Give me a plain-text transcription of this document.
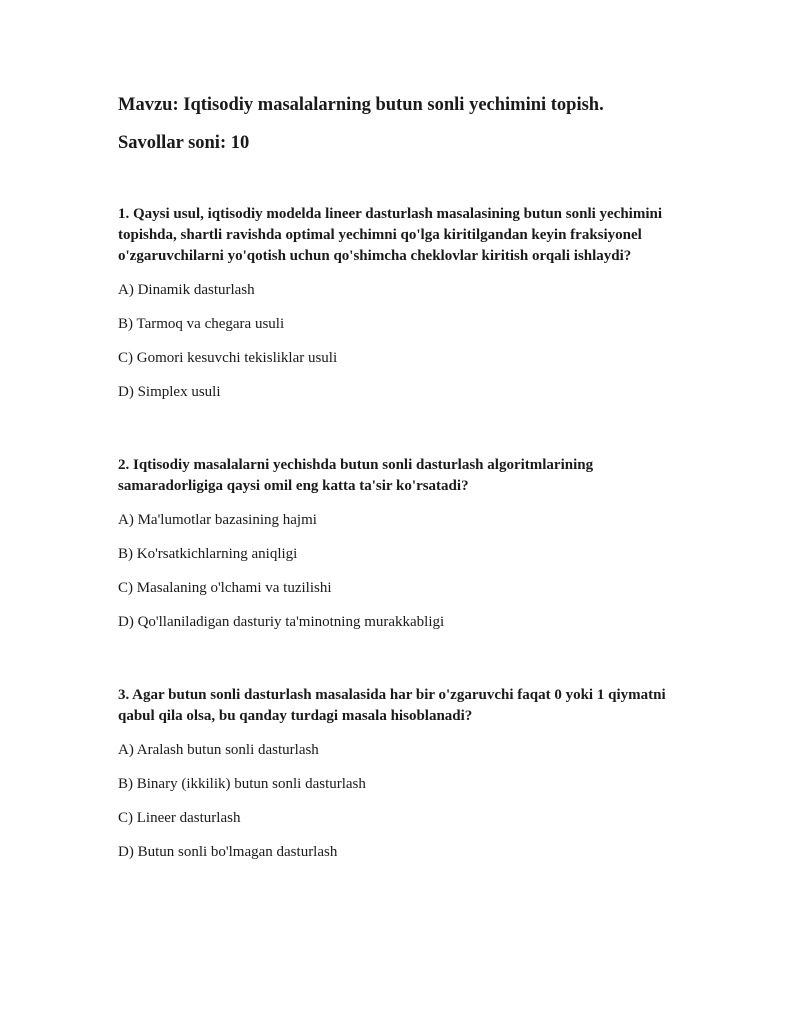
Mavzu: Iqtisodiy masalalarning butun sonli yechimini topish.

Savollar soni: 10

1. Qaysi usul, iqtisodiy modelda lineer dasturlash masalasining butun sonli yechimini topishda, shartli ravishda optimal yechimni qo'lga kiritilgandan keyin fraksiyonel o'zgaruvchilarni yo'qotish uchun qo'shimcha cheklovlar kiritish orqali ishlaydi?

A) Dinamik dasturlash
B) Tarmoq va chegara usuli
C) Gomori kesuvchi tekisliklar usuli
D) Simplex usuli

2. Iqtisodiy masalalarni yechishda butun sonli dasturlash algoritmlarining samaradorligiga qaysi omil eng katta ta'sir ko'rsatadi?

A) Ma'lumotlar bazasining hajmi
B) Ko'rsatkichlarning aniqligi
C) Masalaning o'lchami va tuzilishi
D) Qo'llaniladigan dasturiy ta'minotning murakkabligi

3. Agar butun sonli dasturlash masalasida har bir o'zgaruvchi faqat 0 yoki 1 qiymatni qabul qila olsa, bu qanday turdagi masala hisoblanadi?

A) Aralash butun sonli dasturlash
B) Binary (ikkilik) butun sonli dasturlash
C) Lineer dasturlash
D) Butun sonli bo'lmagan dasturlash
